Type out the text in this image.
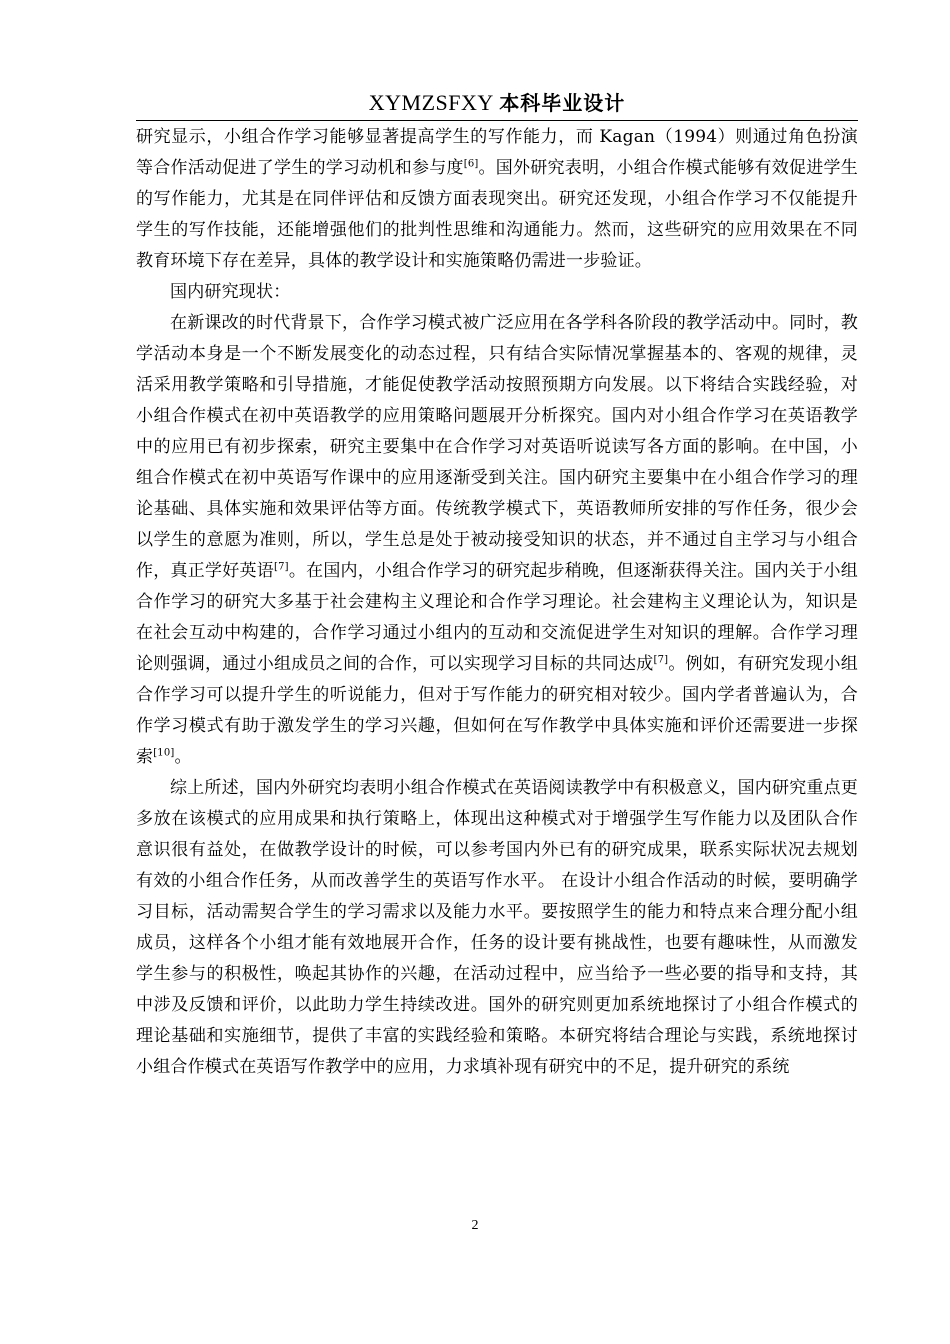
XYMZSFXY 本科毕业设计

研究显示，小组合作学习能够显著提高学生的写作能力，而 Kagan（1994）则通过角色扮演等合作活动促进了学生的学习动机和参与度[6]。国外研究表明，小组合作模式能够有效促进学生的写作能力，尤其是在同伴评估和反馈方面表现突出。研究还发现，小组合作学习不仅能提升学生的写作技能，还能增强他们的批判性思维和沟通能力。然而，这些研究的应用效果在不同教育环境下存在差异，具体的教学设计和实施策略仍需进一步验证。

国内研究现状：

在新课改的时代背景下，合作学习模式被广泛应用在各学科各阶段的教学活动中。同时，教学活动本身是一个不断发展变化的动态过程，只有结合实际情况掌握基本的、客观的规律，灵活采用教学策略和引导措施，才能促使教学活动按照预期方向发展。以下将结合实践经验，对小组合作模式在初中英语教学的应用策略问题展开分析探究。国内对小组合作学习在英语教学中的应用已有初步探索，研究主要集中在合作学习对英语听说读写各方面的影响。在中国，小组合作模式在初中英语写作课中的应用逐渐受到关注。国内研究主要集中在小组合作学习的理论基础、具体实施和效果评估等方面。传统教学模式下，英语教师所安排的写作任务，很少会以学生的意愿为准则，所以，学生总是处于被动接受知识的状态，并不通过自主学习与小组合作，真正学好英语[7]。在国内，小组合作学习的研究起步稍晚，但逐渐获得关注。国内关于小组合作学习的研究大多基于社会建构主义理论和合作学习理论。社会建构主义理论认为，知识是在社会互动中构建的，合作学习通过小组内的互动和交流促进学生对知识的理解。合作学习理论则强调，通过小组成员之间的合作，可以实现学习目标的共同达成[7]。例如，有研究发现小组合作学习可以提升学生的听说能力，但对于写作能力的研究相对较少。国内学者普遍认为，合作学习模式有助于激发学生的学习兴趣，但如何在写作教学中具体实施和评价还需要进一步探索[10]。

综上所述，国内外研究均表明小组合作模式在英语阅读教学中有积极意义，国内研究重点更多放在该模式的应用成果和执行策略上，体现出这种模式对于增强学生写作能力以及团队合作意识很有益处，在做教学设计的时候，可以参考国内外已有的研究成果，联系实际状况去规划有效的小组合作任务，从而改善学生的英语写作水平。 在设计小组合作活动的时候，要明确学习目标，活动需契合学生的学习需求以及能力水平。要按照学生的能力和特点来合理分配小组成员，这样各个小组才能有效地展开合作，任务的设计要有挑战性，也要有趣味性，从而激发学生参与的积极性，唤起其协作的兴趣，在活动过程中，应当给予一些必要的指导和支持，其中涉及反馈和评价，以此助力学生持续改进。国外的研究则更加系统地探讨了小组合作模式的理论基础和实施细节，提供了丰富的实践经验和策略。本研究将结合理论与实践，系统地探讨小组合作模式在英语写作教学中的应用，力求填补现有研究中的不足，提升研究的系统

2
